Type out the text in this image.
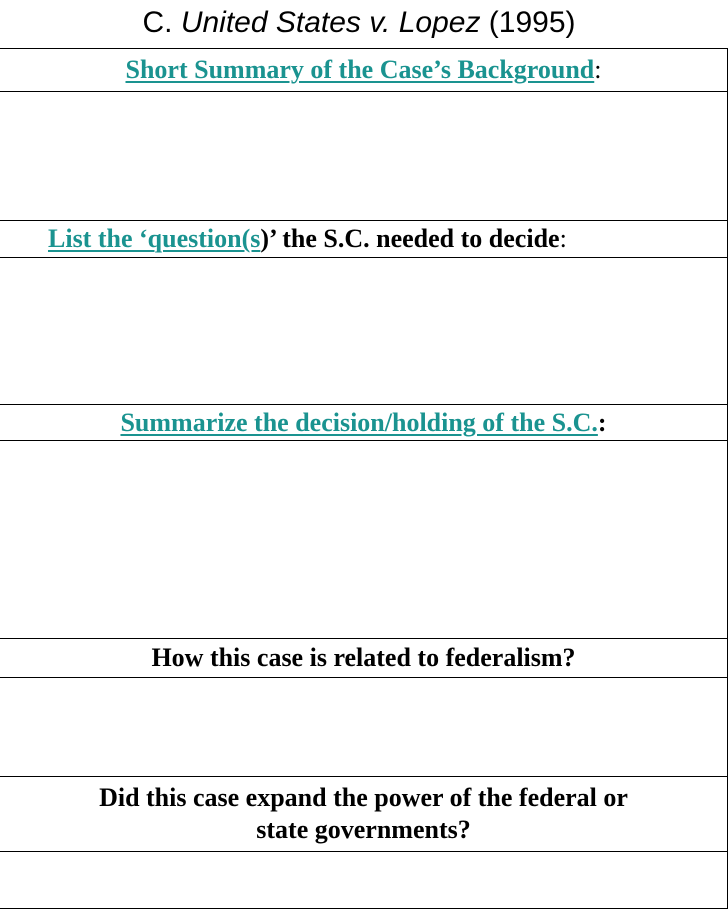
C. United States v. Lopez (1995)
Short Summary of the Case’s Background:

List the ‘question(s)’ the S.C. needed to decide:

Summarize the decision/holding of the S.C.:

How this case is related to federalism?

Did this case expand the power of the federal or
state governments?
